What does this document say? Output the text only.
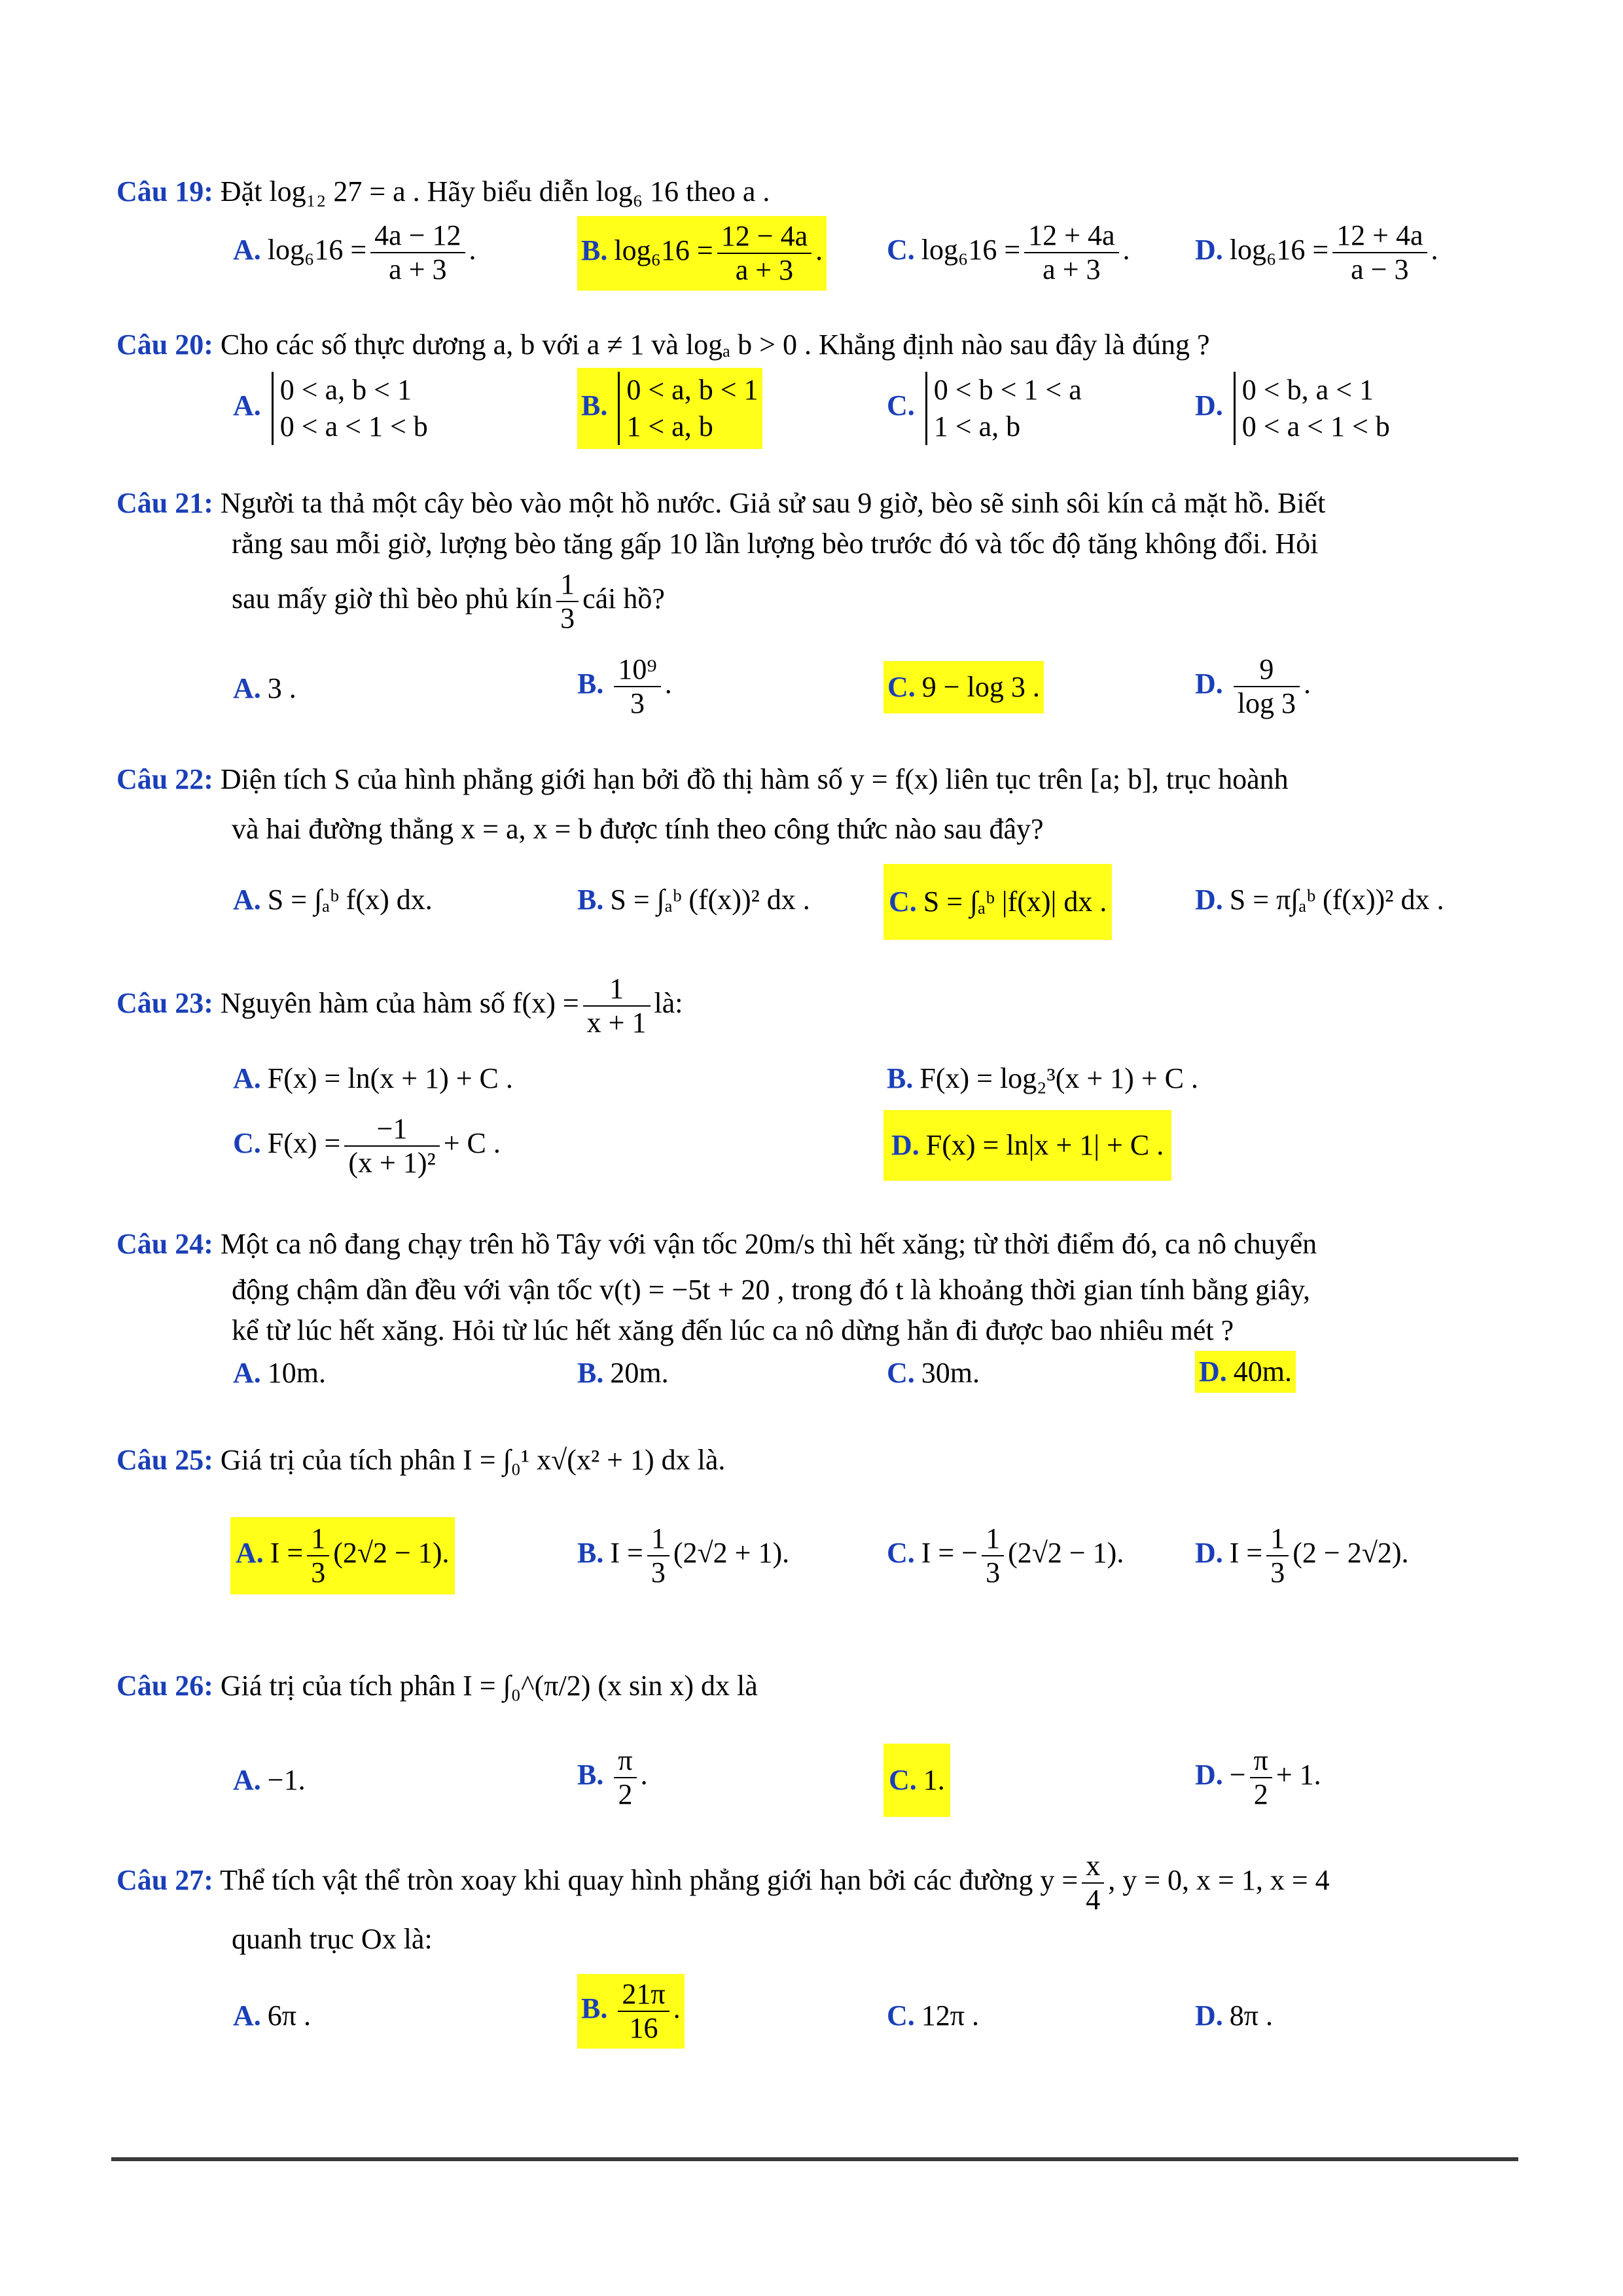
Câu 19: Đặt log₁₂ 27 = a . Hãy biểu diễn log₆ 16 theo a .
A. $\log_616 = \frac{4a - 12}{a + 3}$ .	B. $\log_616 = \frac{12 - 4a}{a + 3}$ . C. $\log_616 = \frac{12 + 4a}{a + 3}$ . D. $\log_616 = \frac{12 + 4a}{a - 3}$ .
Câu 20: Cho các số thực dương a, b với a ≠ 1 và logₐ b > 0 . Khẳng định nào sau đây là đúng ?
A. 0 < a, b < 1
0 < a < 1 < b
B. 0 < a, b < 1
1 < a, b
C. 0 < b < 1 < a
1 < a, b
D. 0 < b, a < 1
0 < a < 1 < b
Câu 21: Người ta thả một cây bèo vào một hồ nước. Giả sử sau 9 giờ, bèo sẽ sinh sôi kín cả mặt hồ. Biết
rằng sau mỗi giờ, lượng bèo tăng gấp 10 lần lượng bèo trước đó và tốc độ tăng không đổi. Hỏi
sau mấy giờ thì bèo phủ kín $\frac{1}{3}$ cái hồ?
A. 3 .	B. $\frac{\text{10⁹}}{3}$ .	C. 9 − log 3 .	D. $\frac{9}{\log 3}$ .
Câu 22: Diện tích S của hình phẳng giới hạn bởi đồ thị hàm số y = f(x) liên tục trên [a; b], trục hoành
và hai đường thẳng x = a, x = b được tính theo công thức nào sau đây?
A. S = ∫ₐᵇ f(x) dx.	B. S = ∫ₐᵇ (f(x))² dx .	C. S = ∫ₐᵇ |f(x)| dx .	D. S = π∫ₐᵇ (f(x))² dx .
Câu 23: Nguyên hàm của hàm số $f(x) = \frac{1}{x + 1}$ là:
A. F(x) = ln(x + 1) + C .	B. F(x) = log₂³(x + 1) + C .
C. $F(x) = \frac{-1}{\text{(x + 1)²}} + C$ .	D. F(x) = ln|x + 1| + C .
Câu 24: Một ca nô đang chạy trên hồ Tây với vận tốc 20m/s thì hết xăng; từ thời điểm đó, ca nô chuyển
động chậm dần đều với vận tốc v(t) = −5t + 20 , trong đó t là khoảng thời gian tính bằng giây,
kể từ lúc hết xăng. Hỏi từ lúc hết xăng đến lúc ca nô dừng hẳn đi được bao nhiêu mét ?
A. 10m.	B. 20m.	C. 30m.	D. 40m.
Câu 25: Giá trị của tích phân I = ∫₀¹ x√(x² + 1) dx là.
A. $I = \frac{1}{3} (2√2 - 1)$.	B. $I = \frac{1}{3} (2√2 + 1)$.	C. I = − $\frac{1}{3} (2√2 - 1)$. D. $I = \frac{1}{3} (2 - 2√2)$.
Câu 26: Giá trị của tích phân I = ∫₀^(π/2) (x sin x) dx là
A. −1.	B. $\frac{\pi}{2}$ .	C. 1.	D. − $\frac{\pi}{2} + 1$.
Câu 27: Thể tích vật thể tròn xoay khi quay hình phẳng giới hạn bởi các đường $y = \frac{x}{4}$ , y = 0, x = 1, x = 4
quanh trục Ox là:
A. 6π .	B. $\frac{21\pi}{16}$ .	C. 12π .	D. 8π .
